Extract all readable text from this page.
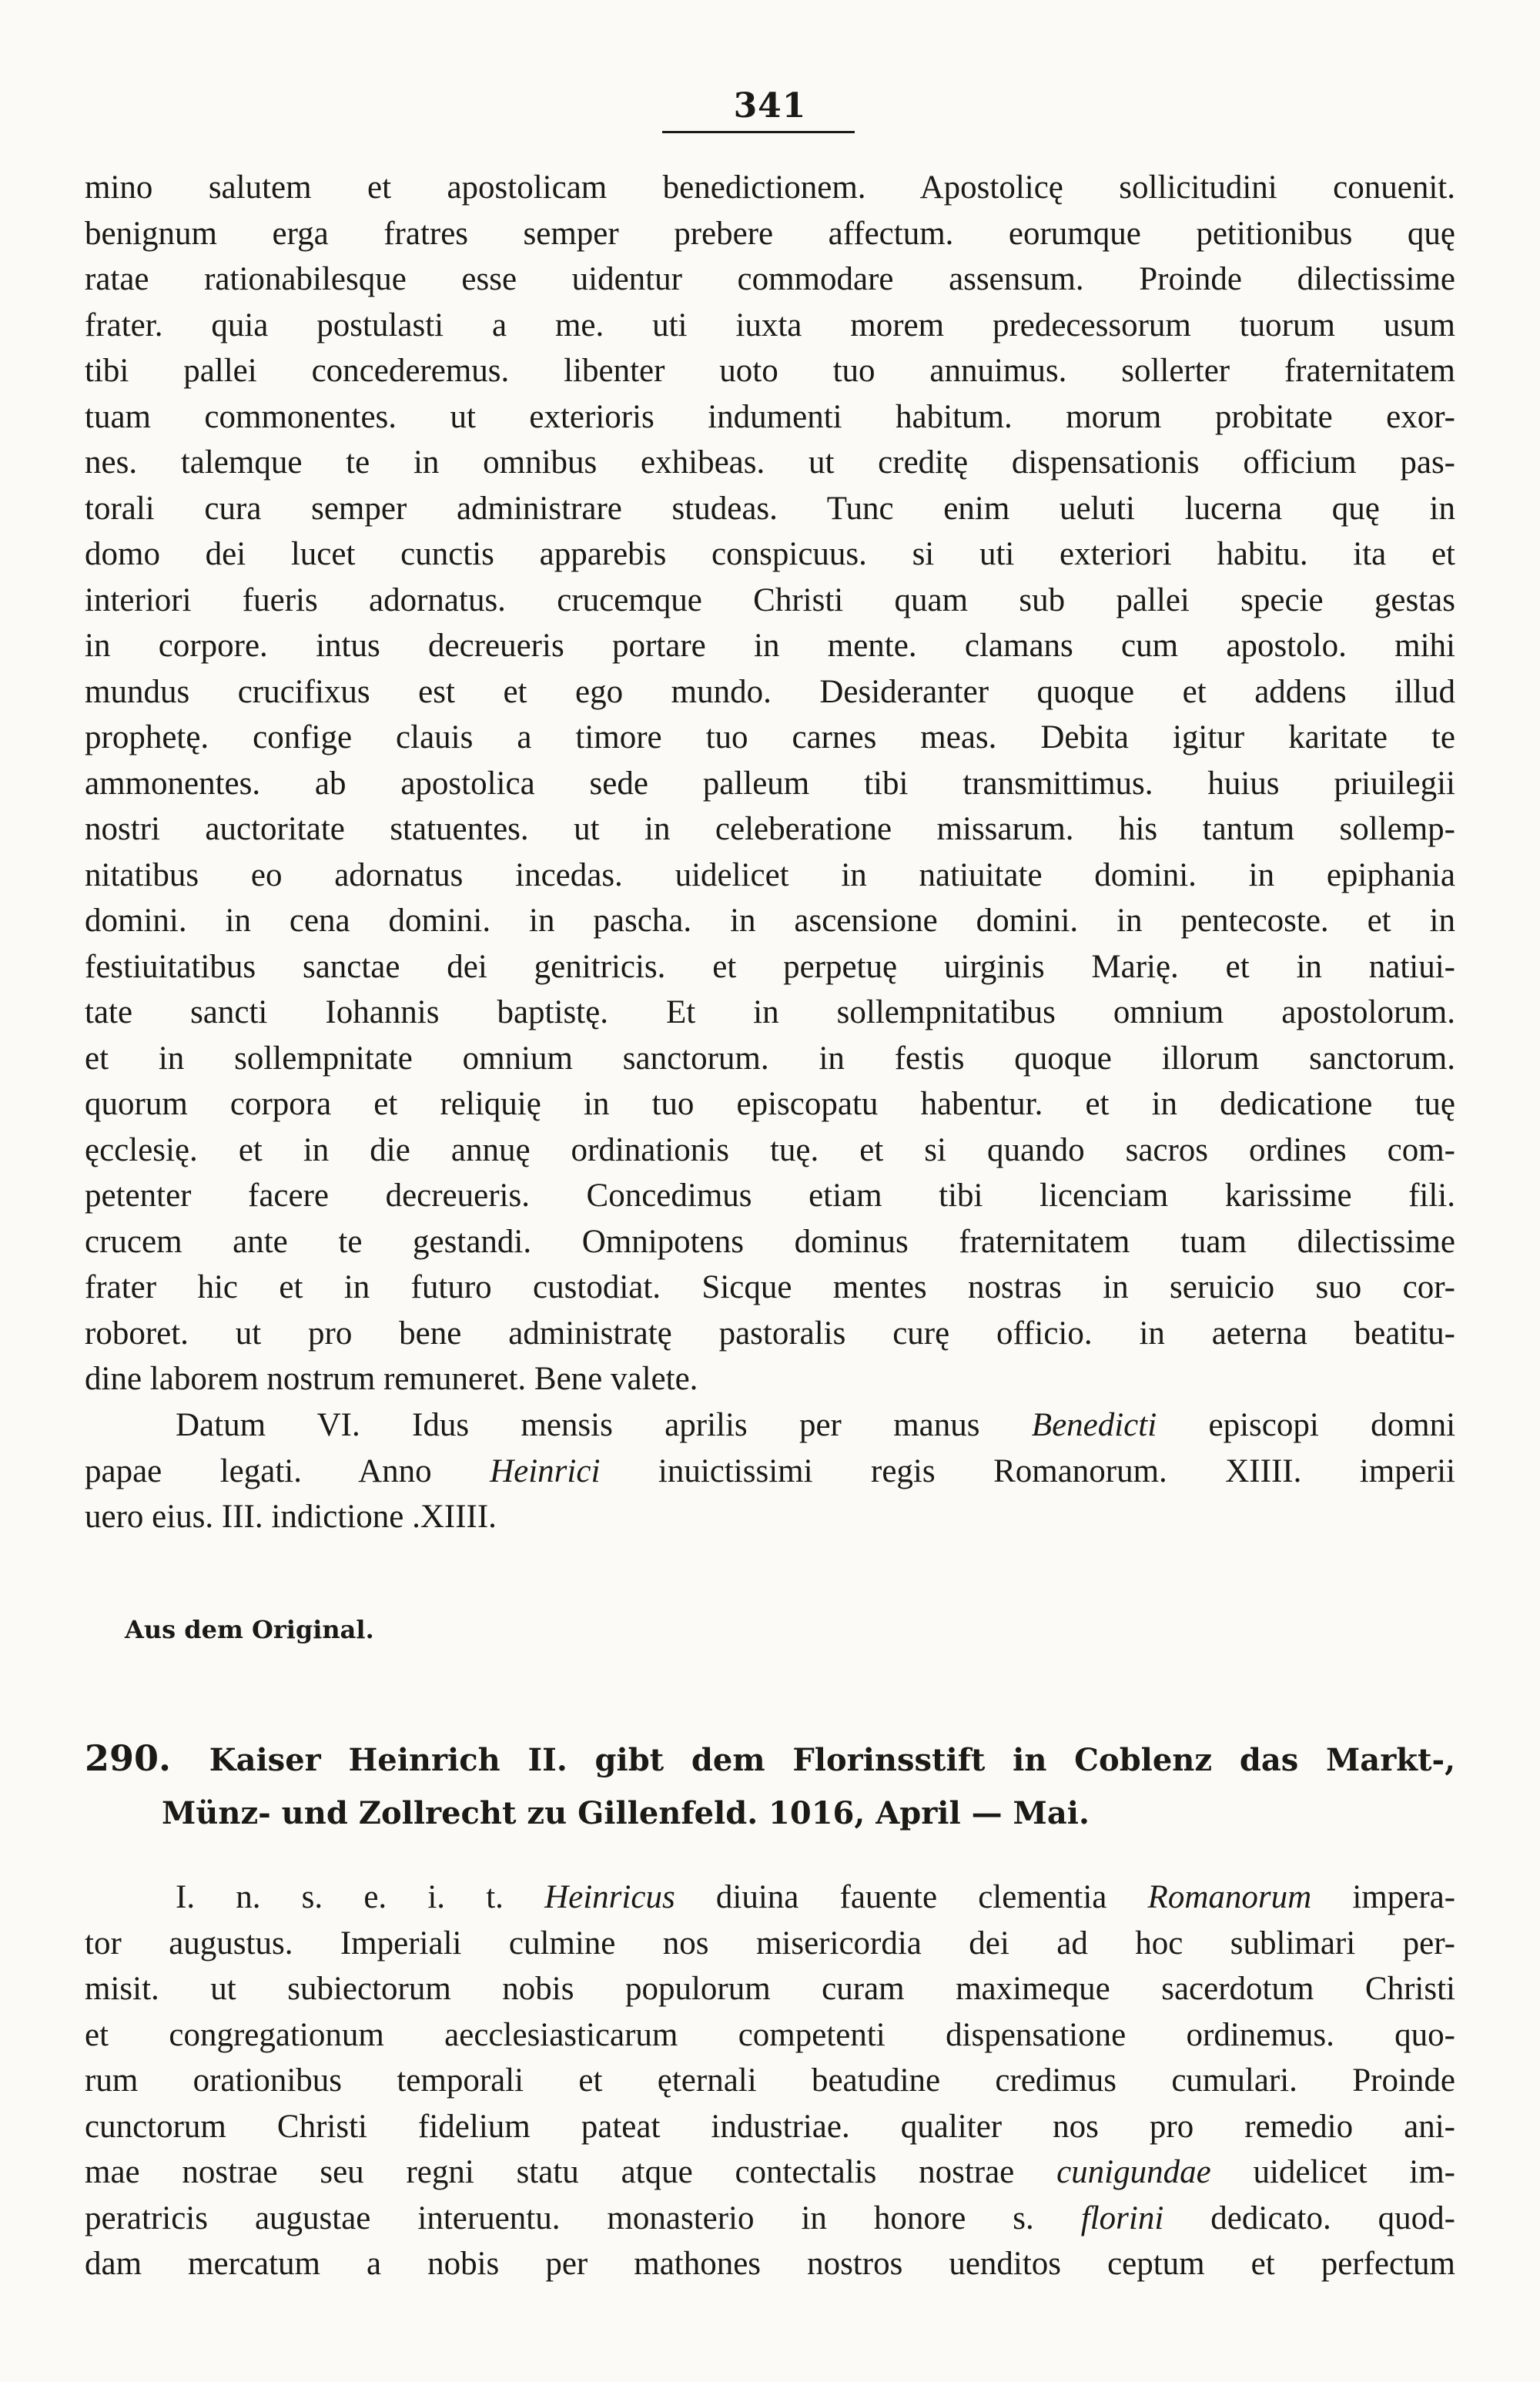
341
mino salutem et apostolicam benedictionem. Apostolicę sollicitudini conuenit.
benignum erga fratres semper prebere affectum. eorumque petitionibus quę
ratae rationabilesque esse uidentur commodare assensum. Proinde dilectissime
frater. quia postulasti a me. uti iuxta morem predecessorum tuorum usum
tibi pallei concederemus. libenter uoto tuo annuimus. sollerter fraternitatem
tuam commonentes. ut exterioris indumenti habitum. morum probitate exor-
nes. talemque te in omnibus exhibeas. ut creditę dispensationis officium pas-
torali cura semper administrare studeas. Tunc enim ueluti lucerna quę in
domo dei lucet cunctis apparebis conspicuus. si uti exteriori habitu. ita et
interiori fueris adornatus. crucemque Christi quam sub pallei specie gestas
in corpore. intus decreueris portare in mente. clamans cum apostolo. mihi
mundus crucifixus est et ego mundo. Desideranter quoque et addens illud
prophetę. confige clauis a timore tuo carnes meas. Debita igitur karitate te
ammonentes. ab apostolica sede palleum tibi transmittimus. huius priuilegii
nostri auctoritate statuentes. ut in celeberatione missarum. his tantum sollemp-
nitatibus eo adornatus incedas. uidelicet in natiuitate domini. in epiphania
domini. in cena domini. in pascha. in ascensione domini. in pentecoste. et in
festiuitatibus sanctae dei genitricis. et perpetuę uirginis Marię. et in natiui-
tate sancti Iohannis baptistę. Et in sollempnitatibus omnium apostolorum.
et in sollempnitate omnium sanctorum. in festis quoque illorum sanctorum.
quorum corpora et reliquię in tuo episcopatu habentur. et in dedicatione tuę
ęcclesię. et in die annuę ordinationis tuę. et si quando sacros ordines com-
petenter facere decreueris. Concedimus etiam tibi licenciam karissime fili.
crucem ante te gestandi. Omnipotens dominus fraternitatem tuam dilectissime
frater hic et in futuro custodiat. Sicque mentes nostras in seruicio suo cor-
roboret. ut pro bene administratę pastoralis curę officio. in aeterna beatitu-
dine laborem nostrum remuneret. Bene valete.
Datum VI. Idus mensis aprilis per manus Benedicti episcopi domni
papae legati. Anno Heinrici inuictissimi regis Romanorum. XIIII. imperii
uero eius. III. indictione .XIIII.
Aus dem Original.
290. Kaiser Heinrich II. gibt dem Florinsstift in Coblenz das Markt-,
Münz- und Zollrecht zu Gillenfeld. 1016, April — Mai.
I. n. s. e. i. t. Heinricus diuina fauente clementia Romanorum impera-
tor augustus. Imperiali culmine nos misericordia dei ad hoc sublimari per-
misit. ut subiectorum nobis populorum curam maximeque sacerdotum Christi
et congregationum aecclesiasticarum competenti dispensatione ordinemus. quo-
rum orationibus temporali et ęternali beatudine credimus cumulari. Proinde
cunctorum Christi fidelium pateat industriae. qualiter nos pro remedio ani-
mae nostrae seu regni statu atque contectalis nostrae cunigundae uidelicet im-
peratricis augustae interuentu. monasterio in honore s. florini dedicato. quod-
dam mercatum a nobis per mathones nostros uenditos ceptum et perfectum
